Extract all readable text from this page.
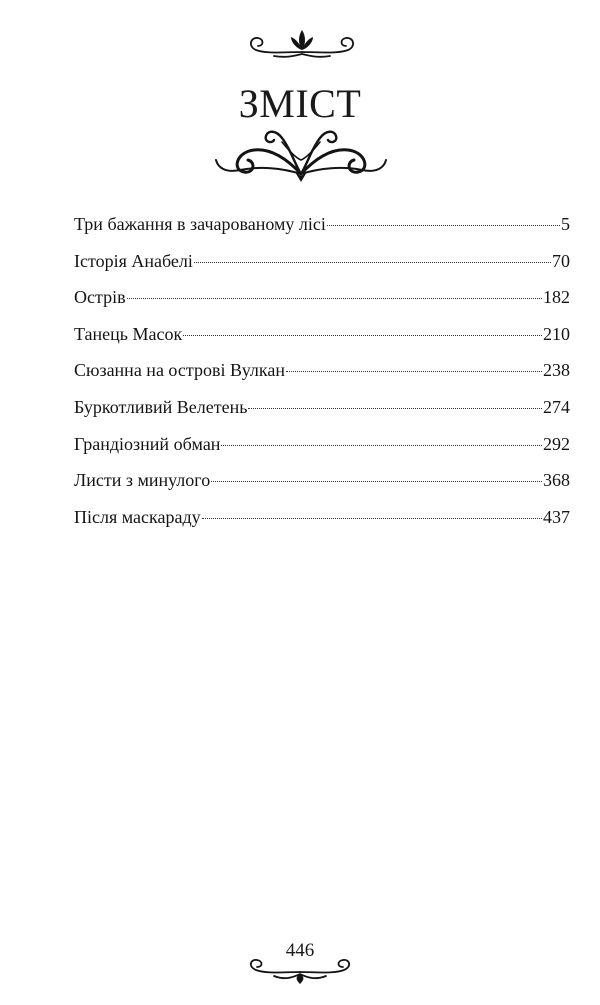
ЗМІСТ
Три бажання в зачарованому лісі	5
Історія Анабелі	70
Острів	182
Танець Масок	210
Сюзанна на острові Вулкан	238
Буркотливий Велетень	274
Грандіозний обман	292
Листи з минулого	368
Після маскараду	437
446
